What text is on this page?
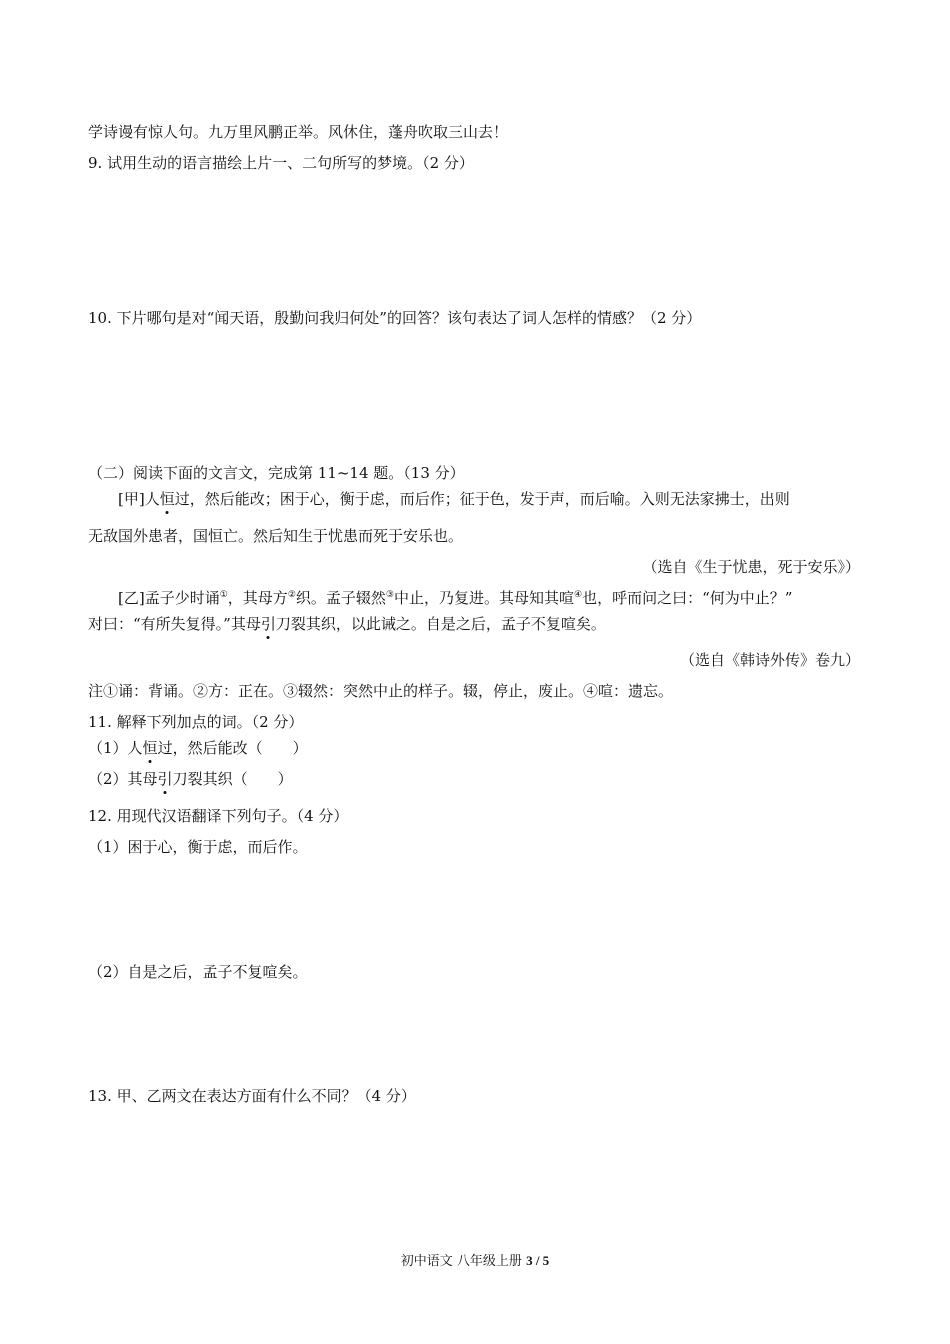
学诗谩有惊人句。九万里风鹏正举。风休住，蓬舟吹取三山去！
9. 试用生动的语言描绘上片一、二句所写的梦境。（2 分）
10. 下片哪句是对“闻天语，殷勤问我归何处”的回答？该句表达了词人怎样的情感？（2 分）
（二）阅读下面的文言文，完成第 11~14 题。（13 分）
[甲]人恒过，然后能改；困于心，衡于虑，而后作；征于色，发于声，而后喻。入则无法家拂士，出则
无敌国外患者，国恒亡。然后知生于忧患而死于安乐也。
（选自《生于忧患，死于安乐》）
[乙]孟子少时诵①，其母方②织。孟子辍然③中止，乃复进。其母知其喧④也，呼而问之曰：“何为中止？”
对曰：“有所失复得。”其母引刀裂其织，以此诫之。自是之后，孟子不复喧矣。
（选自《韩诗外传》卷九）
注①诵：背诵。②方：正在。③辍然：突然中止的样子。辍，停止，废止。④喧：遗忘。
11. 解释下列加点的词。（2 分）
（1）人恒过，然后能改（　　）
（2）其母引刀裂其织（　　）
12. 用现代汉语翻译下列句子。（4 分）
（1）困于心，衡于虑，而后作。
（2）自是之后，孟子不复喧矣。
13. 甲、乙两文在表达方面有什么不同？（4 分）
初中语文 八年级上册 3 / 5
